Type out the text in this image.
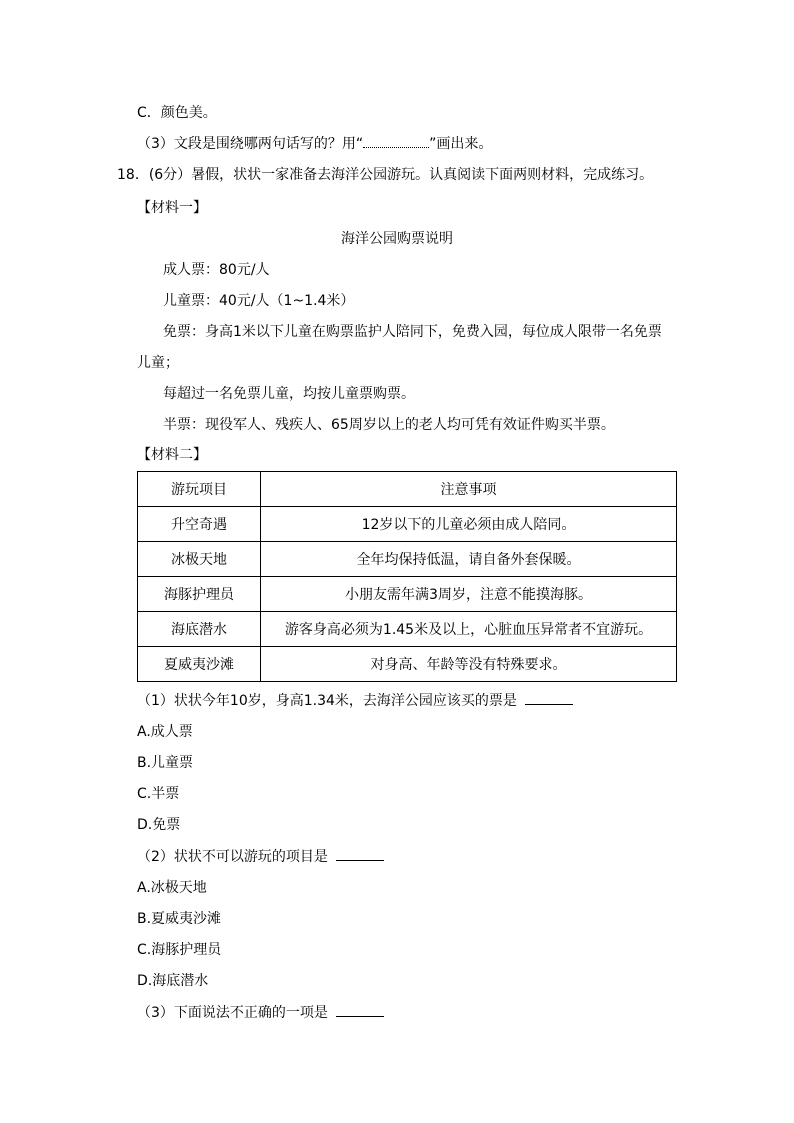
C．颜色美。
（3）文段是围绕哪两句话写的？用“	”画出来。
18．(6分）暑假，状状一家准备去海洋公园游玩。认真阅读下面两则材料，完成练习。
【材料一】
海洋公园购票说明
成人票：80元/人
儿童票：40元/人（1~1.4米）
免票：身高1米以下儿童在购票监护人陪同下，免费入园，每位成人限带一名免票
儿童；
每超过一名免票儿童，均按儿童票购票。
半票：现役军人、残疾人、65周岁以上的老人均可凭有效证件购买半票。
【材料二】
游玩项目	注意事项
升空奇遇	12岁以下的儿童必须由成人陪同。
冰极天地	全年均保持低温，请自备外套保暖。
海豚护理员	小朋友需年满3周岁，注意不能摸海豚。
海底潜水	游客身高必须为1.45米及以上，心脏血压异常者不宜游玩。
夏威夷沙滩	对身高、年龄等没有特殊要求。
（1）状状今年10岁，身高1.34米，去海洋公园应该买的票是
A.成人票
B.儿童票
C.半票
D.免票
（2）状状不可以游玩的项目是
A.冰极天地
B.夏威夷沙滩
C.海豚护理员
D.海底潜水
（3）下面说法不正确的一项是
